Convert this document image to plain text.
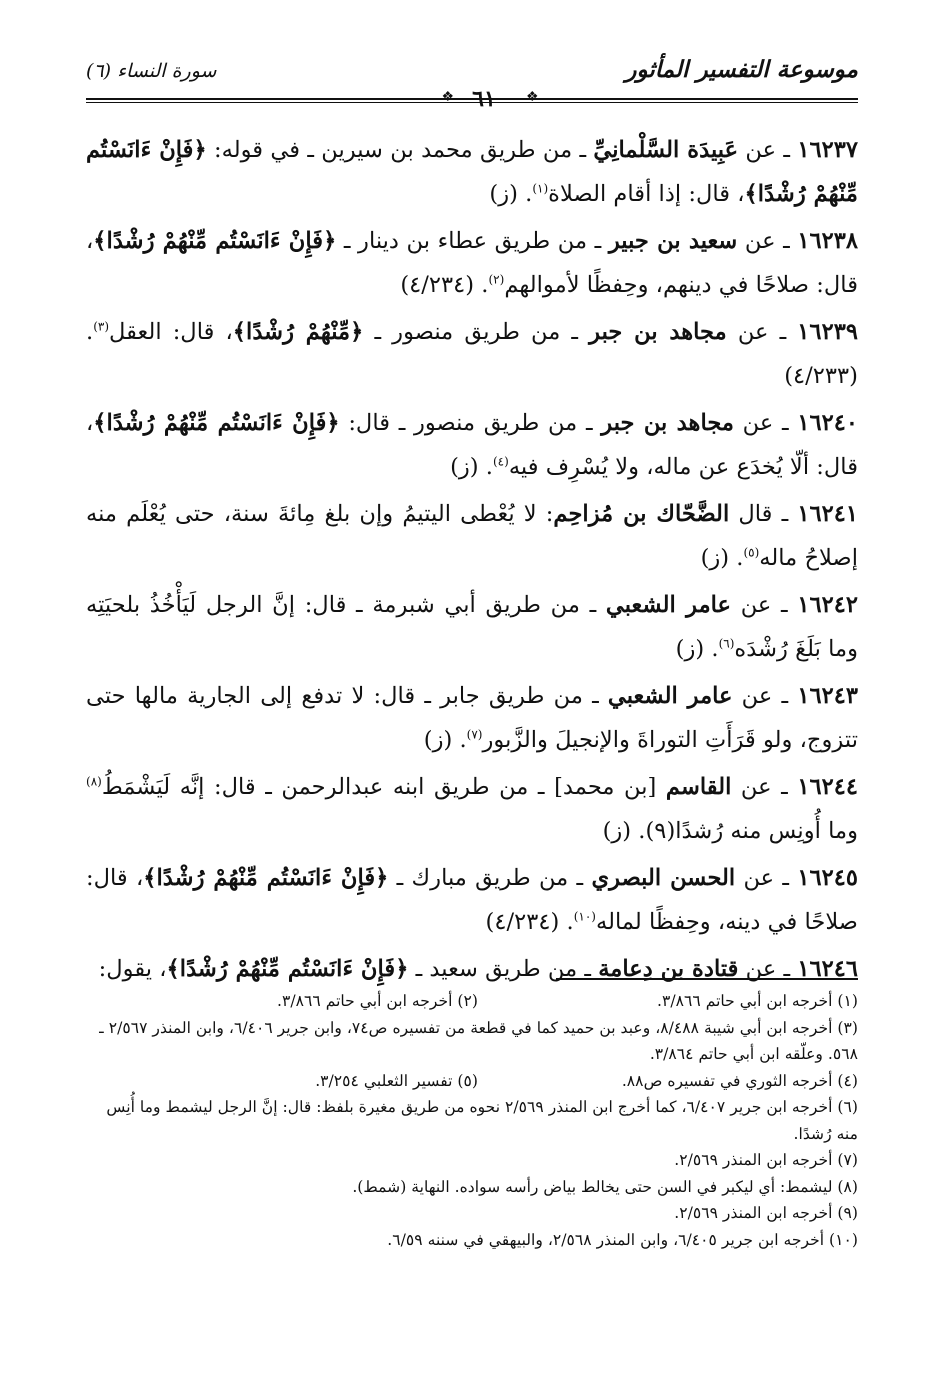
موسوعة التفسير المأثور
سورة النساء (٦)
❖	❖
٦١

١٦٢٣٧ ـ عن عَبِيدَة السَّلْمانِيِّ ـ من طريق محمد بن سيرين ـ في قوله: ﴿فَإِنْ ءَانَسْتُم مِّنْهُمْ رُشْدًا﴾، قال: إذا أقام الصلاة$^{(١)}$. (ز)

١٦٢٣٨ ـ عن سعيد بن جبير ـ من طريق عطاء بن دينار ـ ﴿فَإِنْ ءَانَسْتُم مِّنْهُمْ رُشْدًا﴾، قال: صلاحًا في دينهم، وحِفظًا لأموالهم$^{(٢)}$. (٤/٢٣٤)

١٦٢٣٩ ـ عن مجاهد بن جبر ـ من طريق منصور ـ ﴿مِّنْهُمْ رُشْدًا﴾، قال: العقل$^{(٣)}$. (٤/٢٣٣)

١٦٢٤٠ ـ عن مجاهد بن جبر ـ من طريق منصور ـ قال: ﴿فَإِنْ ءَانَسْتُم مِّنْهُمْ رُشْدًا﴾، قال: ألّا يُخدَع عن ماله، ولا يُسْرِف فيه$^{(٤)}$. (ز)

١٦٢٤١ ـ قال الضَّحّاك بن مُزاحِم: لا يُعْطى اليتيمُ وإن بلغ مِائةَ سنة، حتى يُعْلَم منه إصلاحُ ماله$^{(٥)}$. (ز)

١٦٢٤٢ ـ عن عامر الشعبي ـ من طريق أبي شبرمة ـ قال: إنَّ الرجل لَيَأْخُذُ بلحيَتِه وما بَلَغَ رُشْدَه$^{(٦)}$. (ز)

١٦٢٤٣ ـ عن عامر الشعبي ـ من طريق جابر ـ قال: لا تدفع إلى الجارية مالها حتى تتزوج، ولو قَرَأَتِ التوراةَ والإنجيلَ والزَّبور$^{(٧)}$. (ز)

١٦٢٤٤ ـ عن القاسم [بن محمد] ـ من طريق ابنه عبدالرحمن ـ قال: إنَّه لَيَشْمَطُ$^{(٨)}$ وما أُونِس منه رُشدًا(٩). (ز)

١٦٢٤٥ ـ عن الحسن البصري ـ من طريق مبارك ـ ﴿فَإِنْ ءَانَسْتُم مِّنْهُمْ رُشْدًا﴾، قال: صلاحًا في دينه، وحِفظًا لماله$^{(١٠)}$. (٤/٢٣٤)

١٦٢٤٦ ـ عن قتادة بن دِعامة ـ من طريق سعيد ـ ﴿فَإِنْ ءَانَسْتُم مِّنْهُمْ رُشْدًا﴾، يقول:

(١) أخرجه ابن أبي حاتم ٣/٨٦٦.

(٢) أخرجه ابن أبي حاتم ٣/٨٦٦.

(٣) أخرجه ابن أبي شيبة ٨/٤٨٨، وعبد بن حميد كما في قطعة من تفسيره ص٧٤، وابن جرير ٦/٤٠٦، وابن المنذر ٢/٥٦٧ ـ ٥٦٨. وعلّقه ابن أبي حاتم ٣/٨٦٤.

(٤) أخرجه الثوري في تفسيره ص٨٨.

(٥) تفسير الثعلبي ٣/٢٥٤.

(٦) أخرجه ابن جرير ٦/٤٠٧، كما أخرج ابن المنذر ٢/٥٦٩ نحوه من طريق مغيرة بلفظ: قال: إنَّ الرجل ليشمط وما أُنِس منه رُشدًا.

(٧) أخرجه ابن المنذر ٢/٥٦٩.

(٨) ليشمط: أي ليكبر في السن حتى يخالط بياض رأسه سواده. النهاية (شمط).

(٩) أخرجه ابن المنذر ٢/٥٦٩.

(١٠) أخرجه ابن جرير ٦/٤٠٥، وابن المنذر ٢/٥٦٨، والبيهقي في سننه ٦/٥٩.
